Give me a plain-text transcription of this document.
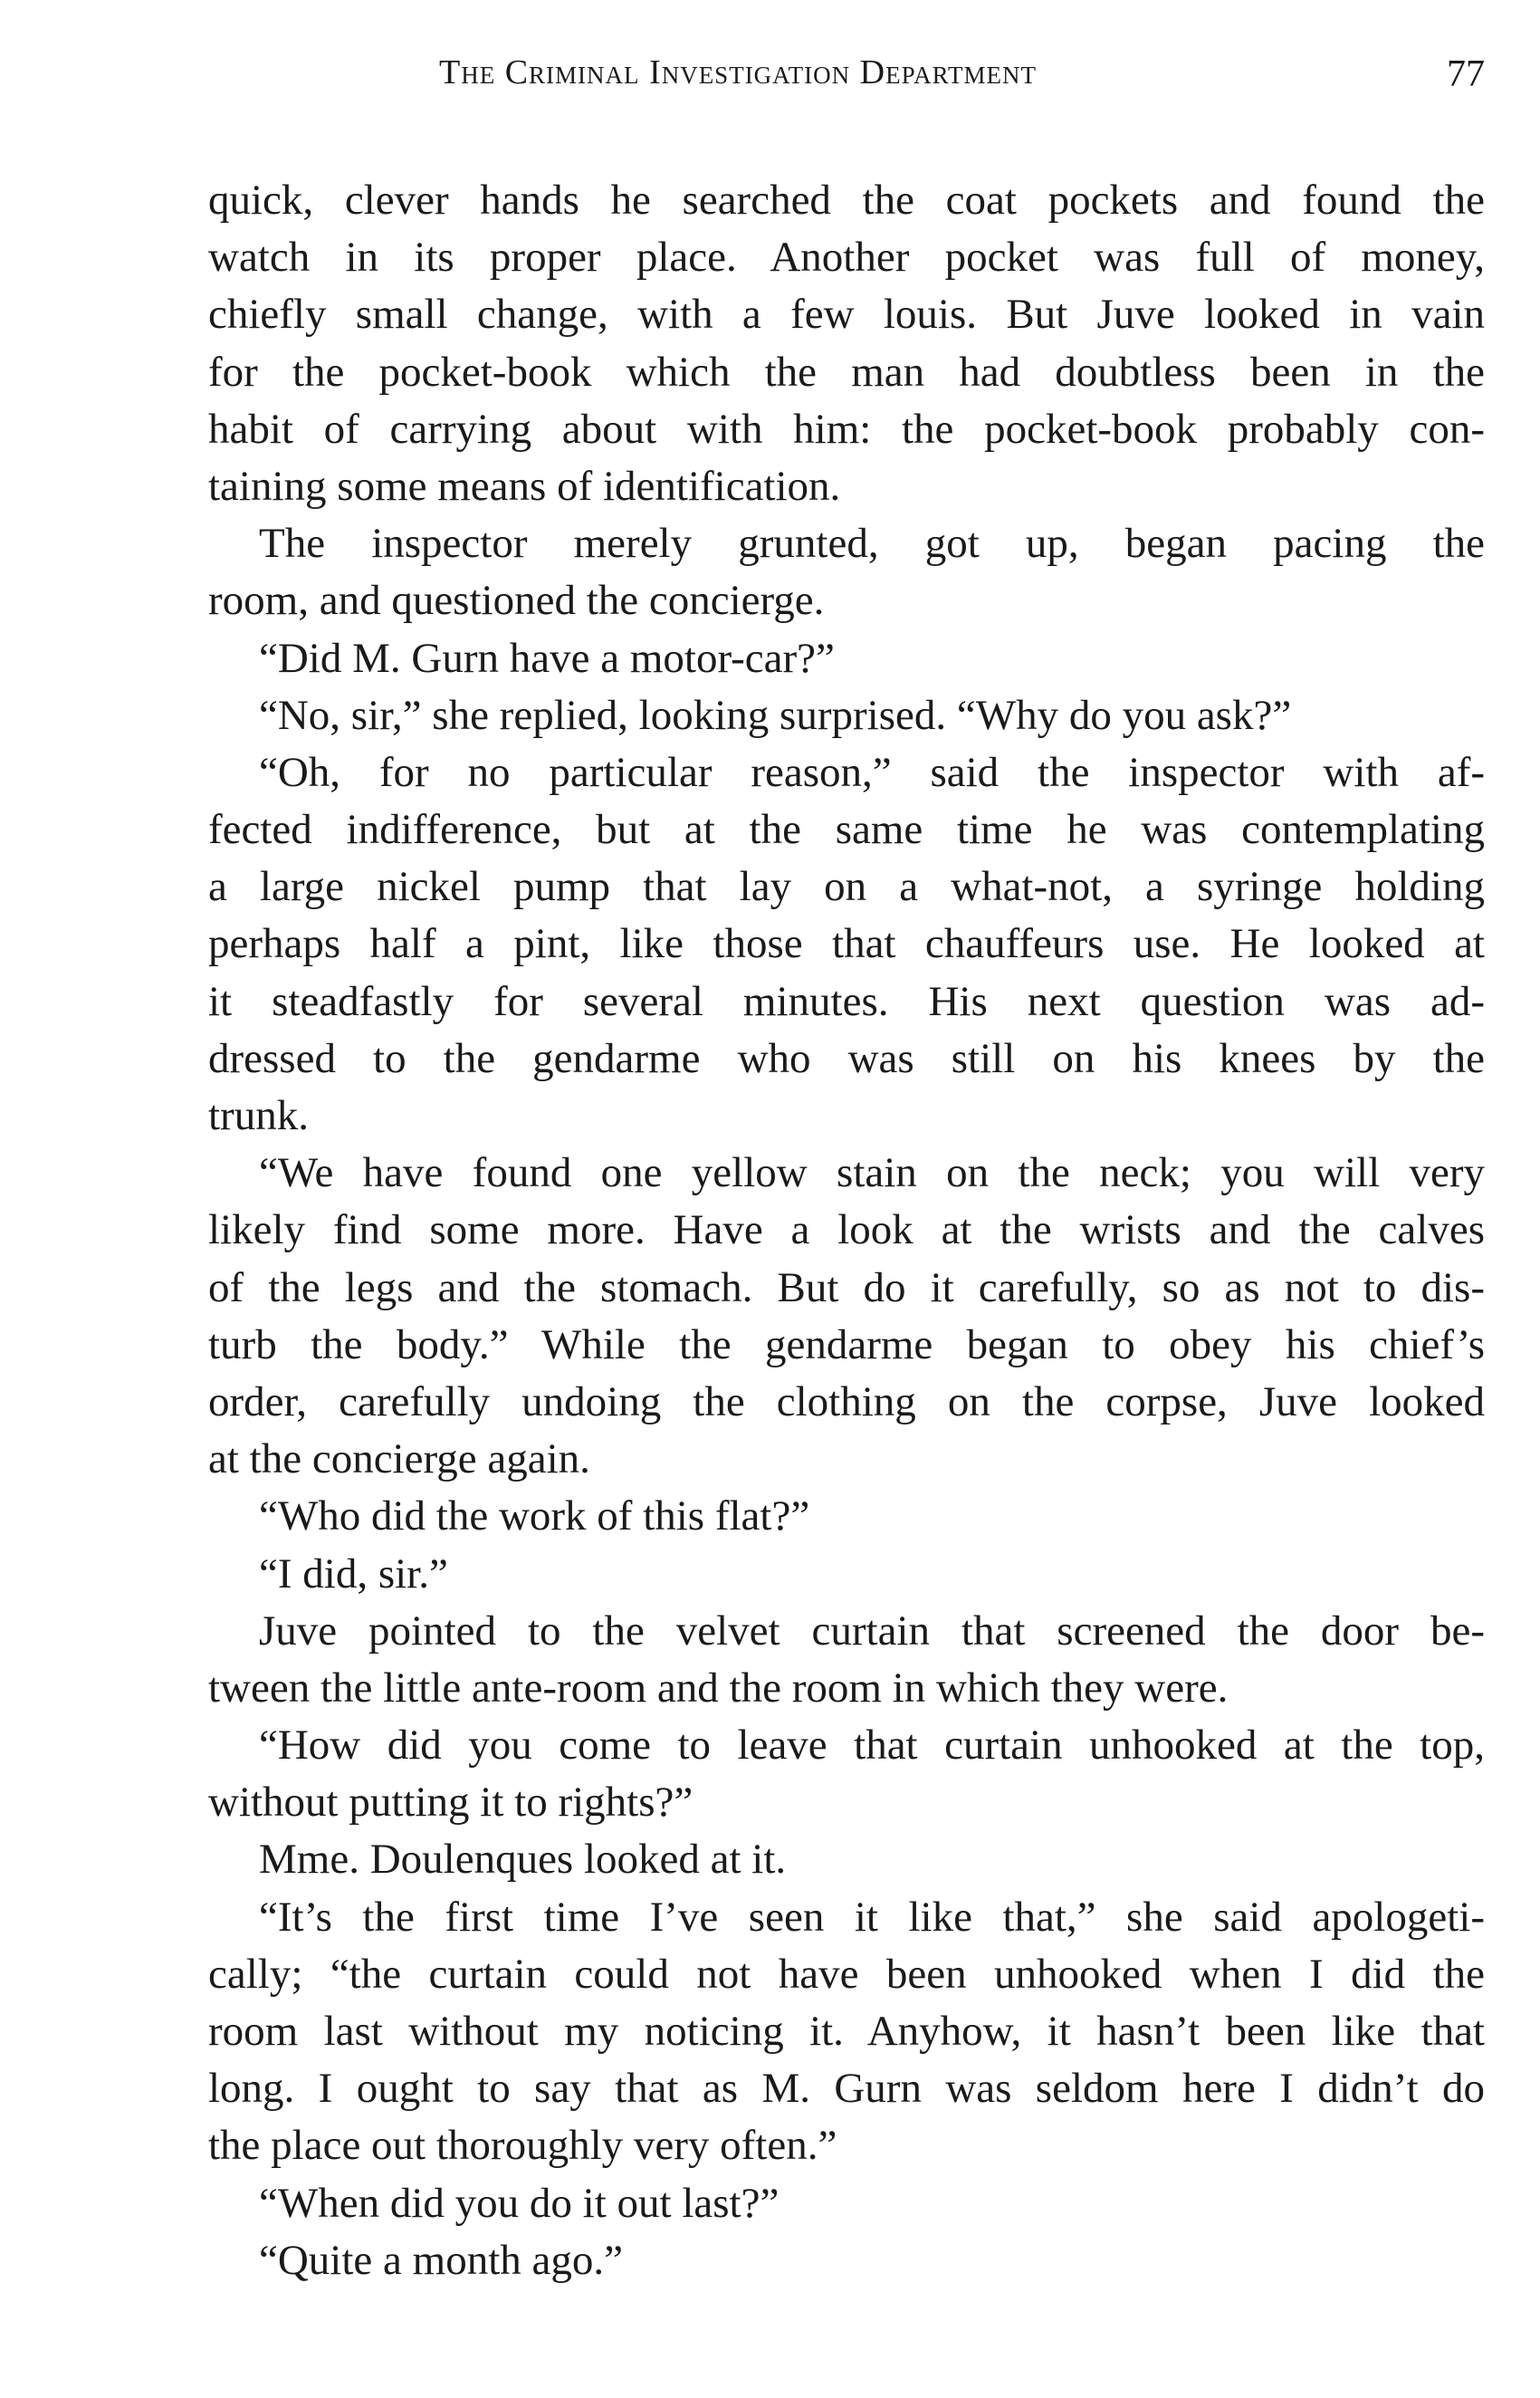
The Criminal Investigation Department	77
quick, clever hands he searched the coat pockets and found the
watch in its proper place. Another pocket was full of money,
chiefly small change, with a few louis. But Juve looked in vain
for the pocket-book which the man had doubtless been in the
habit of carrying about with him: the pocket-book probably con-
taining some means of identification.
The inspector merely grunted, got up, began pacing the
room, and questioned the concierge.
“Did M. Gurn have a motor-car?”
“No, sir,” she replied, looking surprised. “Why do you ask?”
“Oh, for no particular reason,” said the inspector with af-
fected indifference, but at the same time he was contemplating
a large nickel pump that lay on a what-not, a syringe holding
perhaps half a pint, like those that chauffeurs use. He looked at
it steadfastly for several minutes. His next question was ad-
dressed to the gendarme who was still on his knees by the
trunk.
“We have found one yellow stain on the neck; you will very
likely find some more. Have a look at the wrists and the calves
of the legs and the stomach. But do it carefully, so as not to dis-
turb the body.” While the gendarme began to obey his chief’s
order, carefully undoing the clothing on the corpse, Juve looked
at the concierge again.
“Who did the work of this flat?”
“I did, sir.”
Juve pointed to the velvet curtain that screened the door be-
tween the little ante-room and the room in which they were.
“How did you come to leave that curtain unhooked at the top,
without putting it to rights?”
Mme. Doulenques looked at it.
“It’s the first time I’ve seen it like that,” she said apologeti-
cally; “the curtain could not have been unhooked when I did the
room last without my noticing it. Anyhow, it hasn’t been like that
long. I ought to say that as M. Gurn was seldom here I didn’t do
the place out thoroughly very often.”
“When did you do it out last?”
“Quite a month ago.”
